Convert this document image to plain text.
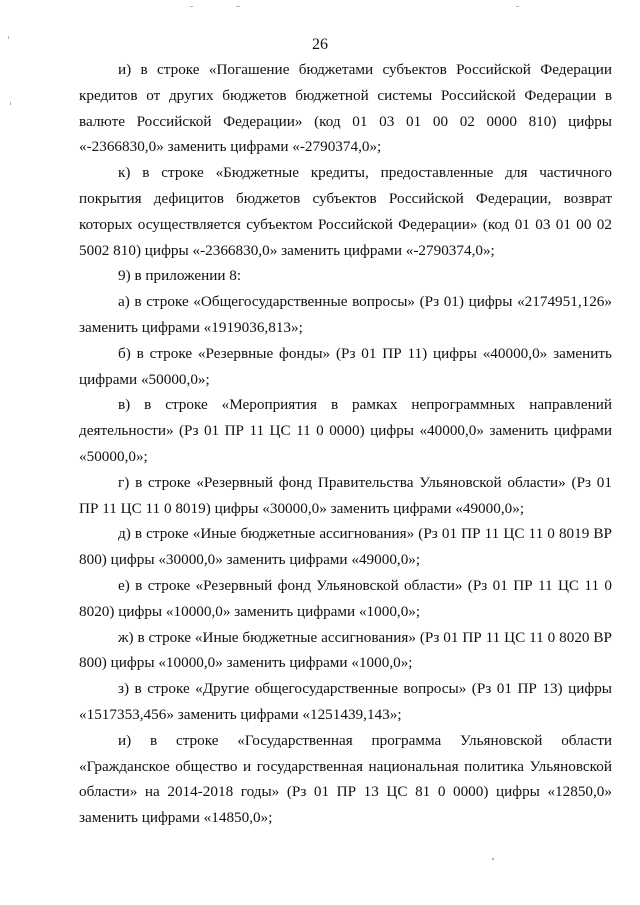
26

и) в строке «Погашение бюджетами субъектов Российской Федерации кредитов от других бюджетов бюджетной системы Российской Федерации в валюте Российской Федерации» (код 01 03 01 00 02 0000 810) цифры «-2366830,0» заменить цифрами «-2790374,0»;

к) в строке «Бюджетные кредиты, предоставленные для частичного покрытия дефицитов бюджетов субъектов Российской Федерации, возврат которых осуществляется субъектом Российской Федерации» (код 01 03 01 00 02 5002 810) цифры «-2366830,0» заменить цифрами «-2790374,0»;

9) в приложении 8:

а) в строке «Общегосударственные вопросы» (Рз 01) цифры «2174951,126» заменить цифрами «1919036,813»;

б) в строке «Резервные фонды» (Рз 01 ПР 11) цифры «40000,0» заменить цифрами «50000,0»;

в) в строке «Мероприятия в рамках непрограммных направлений деятельности» (Рз 01 ПР 11 ЦС 11 0 0000) цифры «40000,0» заменить цифрами «50000,0»;

г) в строке «Резервный фонд Правительства Ульяновской области» (Рз 01 ПР 11 ЦС 11 0 8019) цифры «30000,0» заменить цифрами «49000,0»;

д) в строке «Иные бюджетные ассигнования» (Рз 01 ПР 11 ЦС 11 0 8019 ВР 800) цифры «30000,0» заменить цифрами «49000,0»;

е) в строке «Резервный фонд Ульяновской области» (Рз 01 ПР 11 ЦС 11 0 8020) цифры «10000,0» заменить цифрами «1000,0»;

ж) в строке «Иные бюджетные ассигнования» (Рз 01 ПР 11 ЦС 11 0 8020 ВР 800) цифры «10000,0» заменить цифрами «1000,0»;

з) в строке «Другие общегосударственные вопросы» (Рз 01 ПР 13) цифры «1517353,456» заменить цифрами «1251439,143»;

и) в строке «Государственная программа Ульяновской области «Гражданское общество и государственная национальная политика Ульяновской области» на 2014-2018 годы» (Рз 01 ПР 13 ЦС 81 0 0000) цифры «12850,0» заменить цифрами «14850,0»;
